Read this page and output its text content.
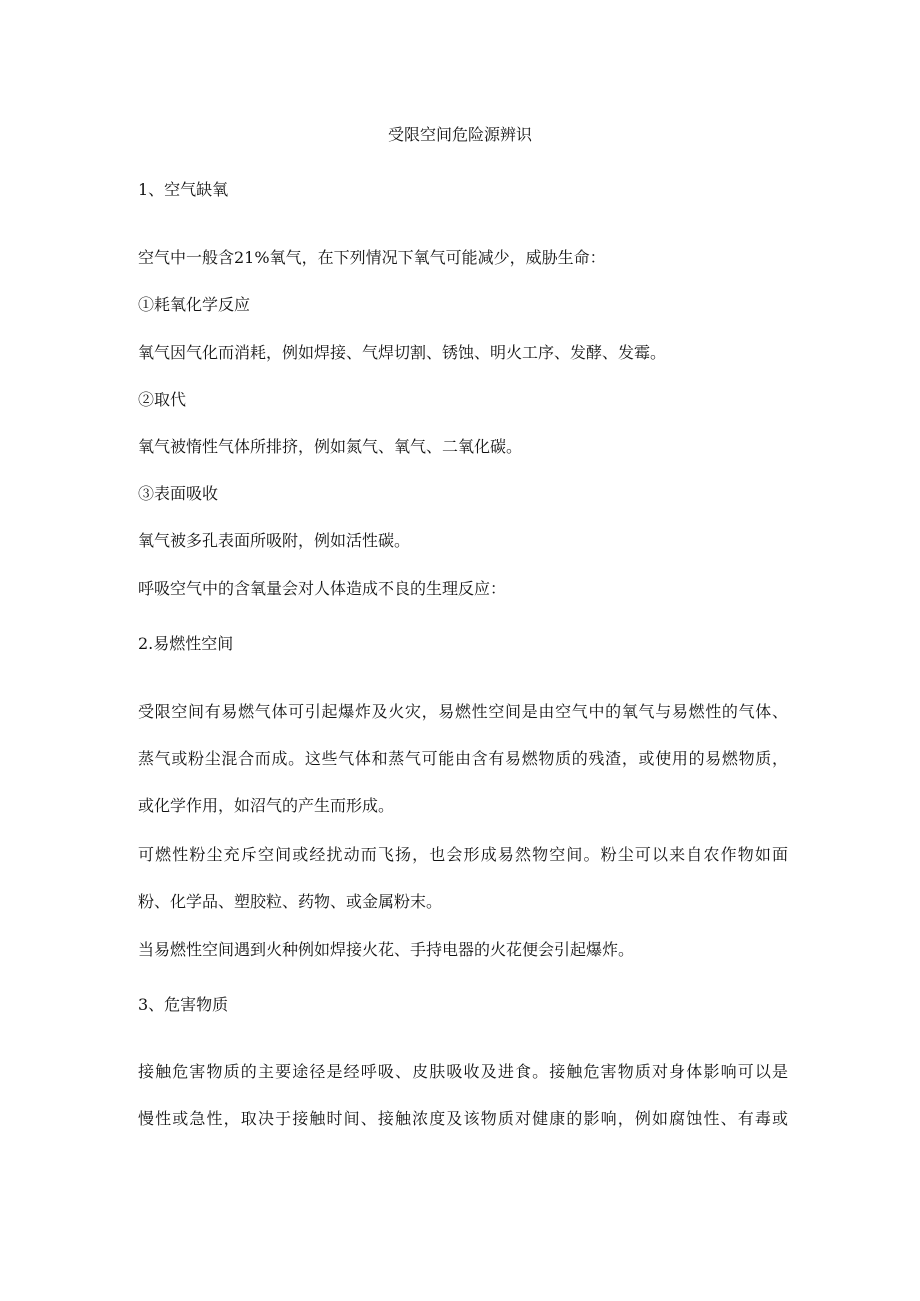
受限空间危险源辨识
1、空气缺氧
空气中一般含21%氧气，在下列情况下氧气可能减少，威胁生命：
①耗氧化学反应
氧气因气化而消耗，例如焊接、气焊切割、锈蚀、明火工序、发酵、发霉。
②取代
氧气被惰性气体所排挤，例如氮气、氧气、二氧化碳。
③表面吸收
氧气被多孔表面所吸附，例如活性碳。
呼吸空气中的含氧量会对人体造成不良的生理反应：
2.易燃性空间
受限空间有易燃气体可引起爆炸及火灾，易燃性空间是由空气中的氧气与易燃性的气体、
蒸气或粉尘混合而成。这些气体和蒸气可能由含有易燃物质的残渣，或使用的易燃物质，
或化学作用，如沼气的产生而形成。
可燃性粉尘充斥空间或经扰动而飞扬，也会形成易然物空间。粉尘可以来自农作物如面
粉、化学品、塑胶粒、药物、或金属粉末。
当易燃性空间遇到火种例如焊接火花、手持电器的火花便会引起爆炸。
3、危害物质
接触危害物质的主要途径是经呼吸、皮肤吸收及进食。接触危害物质对身体影响可以是
慢性或急性，取决于接触时间、接触浓度及该物质对健康的影响，例如腐蚀性、有毒或
